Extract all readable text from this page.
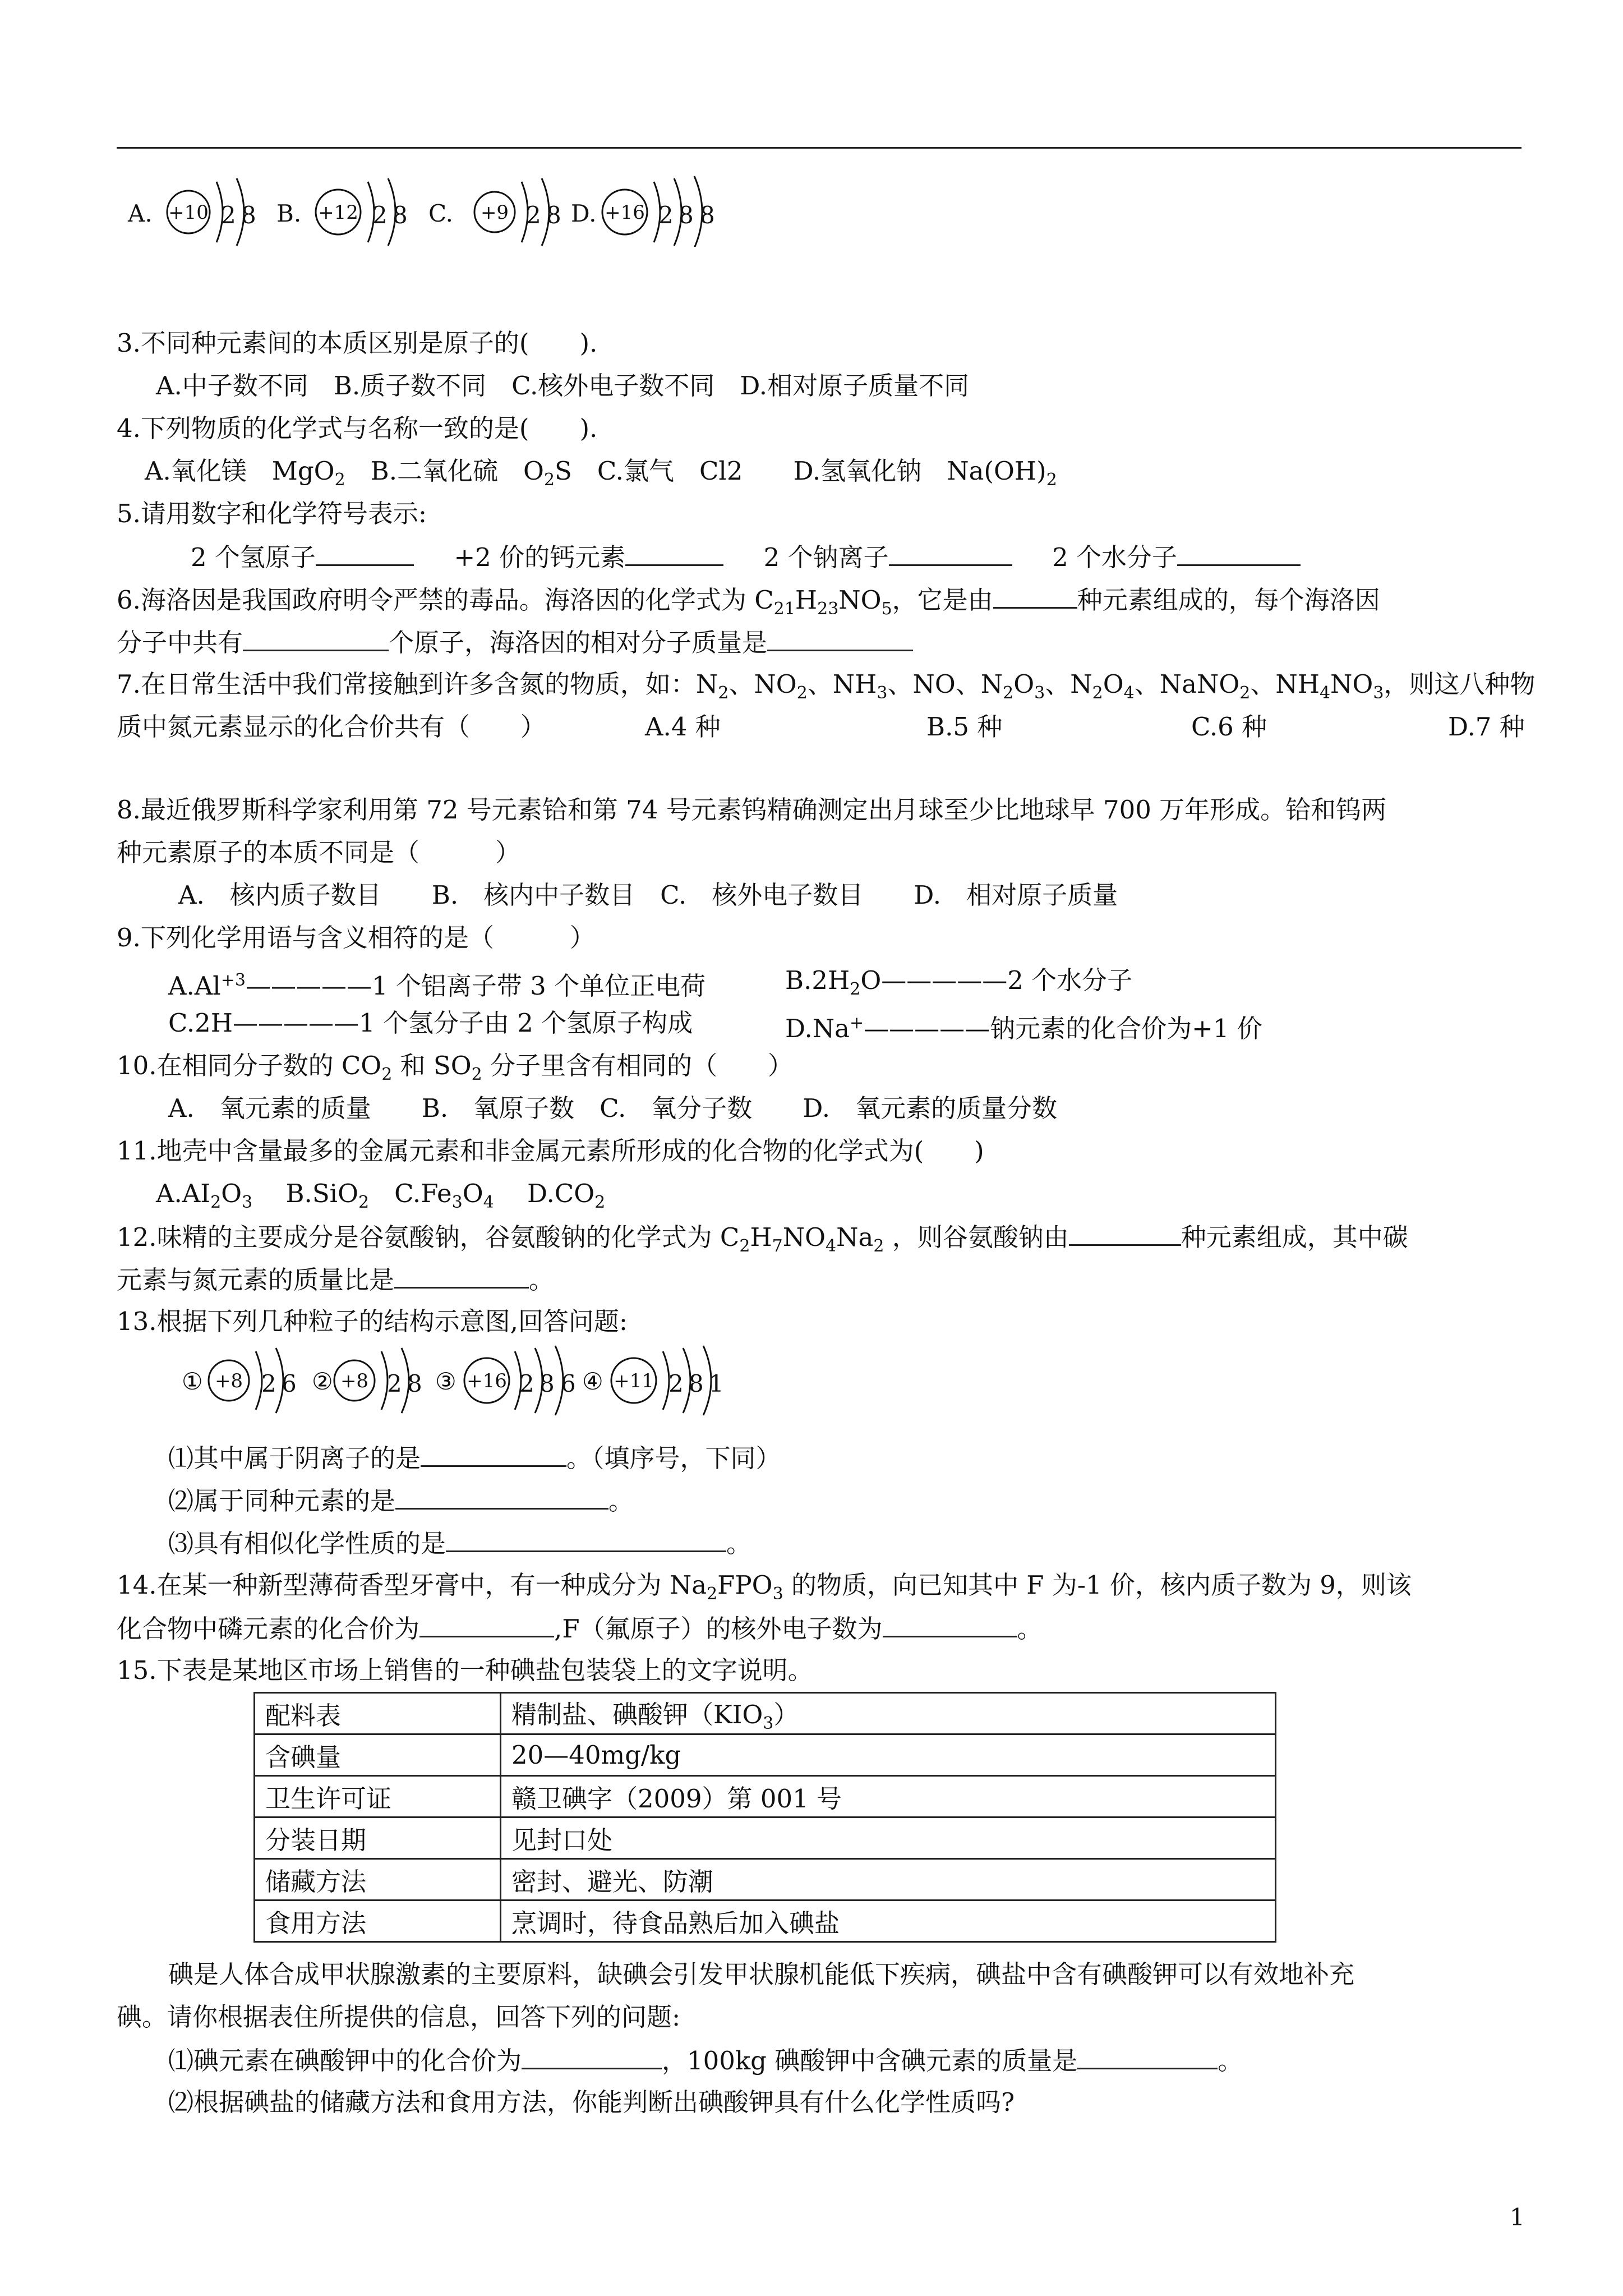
A. +10 2 8 B. +12 2 8 C. +9 2 8 D. +16 2 8 8
3.不同种元素间的本质区别是原子的(　　).
A.中子数不同　B.质子数不同　C.核外电子数不同　D.相对原子质量不同
4.下列物质的化学式与名称一致的是(　　).
A.氧化镁　MgO$_2$　B.二氧化硫　$O_2S$　C.氯气　Cl2　　D.氢氧化钠　$Na(OH)_2$
5.请用数字和化学符号表示:
2 个氢原子	+2 价的钙元素	2 个钠离子	2 个水分子
6.海洛因是我国政府明令严禁的毒品。海洛因的化学式为 $C_{21}H_{23}NO_5$，它是由	种元素组成的，每个海洛因
分子中共有	个原子，海洛因的相对分子质量是
7.在日常生活中我们常接触到许多含氮的物质，如：$N_2$、$NO_2$、$NH_3$、NO、$N_2O_3$、$N_2O_4$、NaNO$_2$、$NH_4NO_3$，则这八种物
质中氮元素显示的化合价共有（　　）	A.4 种	B.5 种	C.6 种	D.7 种
8.最近俄罗斯科学家利用第 72 号元素铪和第 74 号元素钨精确测定出月球至少比地球早 700 万年形成。铪和钨两
种元素原子的本质不同是（　　　）
A.　核内质子数目　　B.　核内中子数目　C.　核外电子数目　　D.　相对原子质量
9.下列化学用语与含义相符的是（　　　）
$A.Al^{+3}—————1$ 个铝离子带 3 个单位正电荷	$B.2H_2O—————2$ 个水分子
C.2H—————1 个氢分子由 2 个氢原子构成	D.Na+—————钠元素的化合价为+1 价
10.在相同分子数的 $CO_2$ 和 $SO_2$ 分子里含有相同的（　　）
A.　氧元素的质量　　B.　氧原子数　C.　氧分子数　　D.　氧元素的质量分数
11.地壳中含量最多的金属元素和非金属元素所形成的化合物的化学式为(　　)
$A.AI_2O_3$　 B.SiO$_2$　$C.Fe_3O_4$　 $D.CO_2$
12.味精的主要成分是谷氨酸钠，谷氨酸钠的化学式为 $C_2H_7NO_4Na_2$ ，则谷氨酸钠由	种元素组成，其中碳
元素与氮元素的质量比是	。
13.根据下列几种粒子的结构示意图,回答问题:
① +8 2 6 ② +8 2 8 ③ +16 2 8 6 ④ +11 2 8 1
⑴其中属于阴离子的是	。（填序号，下同）
⑵属于同种元素的是	。
⑶具有相似化学性质的是	。
14.在某一种新型薄荷香型牙膏中，有一种成分为 $Na_2FPO_3$ 的物质，向已知其中 F 为-1 价，核内质子数为 9，则该
化合物中磷元素的化合价为	,F（氟原子）的核外电子数为	。
15.下表是某地区市场上销售的一种碘盐包装袋上的文字说明。
配料表	精制盐、碘酸钾$(KIO_3)$
含碘量	20—40mg/kg
卫生许可证	赣卫碘字（2009）第 001 号
分装日期	见封口处
储藏方法	密封、避光、防潮
食用方法	烹调时，待食品熟后加入碘盐
碘是人体合成甲状腺激素的主要原料，缺碘会引发甲状腺机能低下疾病，碘盐中含有碘酸钾可以有效地补充
碘。请你根据表住所提供的信息，回答下列的问题:
⑴碘元素在碘酸钾中的化合价为	，100kg 碘酸钾中含碘元素的质量是	。
⑵根据碘盐的储藏方法和食用方法，你能判断出碘酸钾具有什么化学性质吗?
1
